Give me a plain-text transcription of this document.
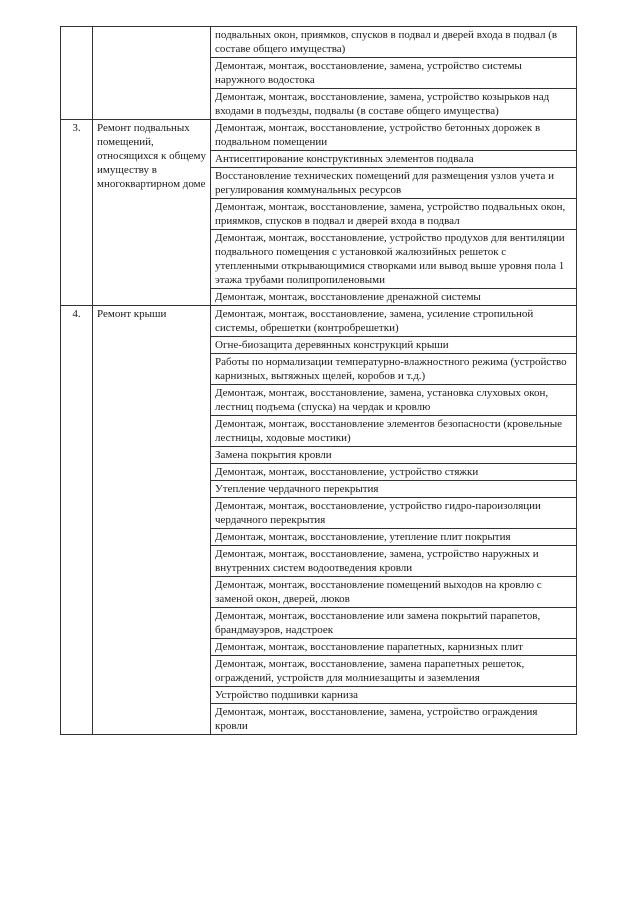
		подвальных окон, приямков, спусков в подвал и дверей входа в подвал (в составе общего имущества)
		Демонтаж, монтаж, восстановление, замена, устройство системы наружного водостока
		Демонтаж, монтаж, восстановление, замена, устройство козырьков над входами в подъезды, подвалы (в составе общего имущества)
3.	Ремонт подвальных помещений, относящихся к общему имуществу в многоквартирном доме	Демонтаж, монтаж, восстановление, устройство бетонных дорожек в подвальном помещении
		Антисептирование конструктивных элементов подвала
		Восстановление технических помещений для размещения узлов учета и регулирования коммунальных ресурсов
		Демонтаж, монтаж, восстановление, замена, устройство подвальных окон, приямков, спусков в подвал и дверей входа в подвал
		Демонтаж, монтаж, восстановление, устройство продухов для вентиляции подвального помещения с установкой жалюзийных решеток с утепленными открывающимися створками или вывод выше уровня пола 1 этажа трубами полипропиленовыми
		Демонтаж, монтаж, восстановление дренажной системы
4.	Ремонт крыши	Демонтаж, монтаж, восстановление, замена, усиление стропильной системы, обрешетки (контробрешетки)
		Огне-биозащита деревянных конструкций крыши
		Работы по нормализации температурно-влажностного режима (устройство карнизных, вытяжных щелей, коробов и т.д.)
		Демонтаж, монтаж, восстановление, замена, установка слуховых окон, лестниц подъема (спуска) на чердак и кровлю
		Демонтаж, монтаж, восстановление элементов безопасности (кровельные лестницы, ходовые мостики)
		Замена покрытия кровли
		Демонтаж, монтаж, восстановление, устройство стяжки
		Утепление чердачного перекрытия
		Демонтаж, монтаж, восстановление, устройство гидро-пароизоляции чердачного перекрытия
		Демонтаж, монтаж, восстановление, утепление плит покрытия
		Демонтаж, монтаж, восстановление, замена, устройство наружных и внутренних систем водоотведения кровли
		Демонтаж, монтаж, восстановление помещений выходов на кровлю с заменой окон, дверей, люков
		Демонтаж, монтаж, восстановление или замена покрытий парапетов, брандмауэров, надстроек
		Демонтаж, монтаж, восстановление парапетных, карнизных плит
		Демонтаж, монтаж, восстановление, замена парапетных решеток, ограждений, устройств для молниезащиты и заземления
		Устройство подшивки карниза
		Демонтаж, монтаж, восстановление, замена, устройство ограждения кровли
